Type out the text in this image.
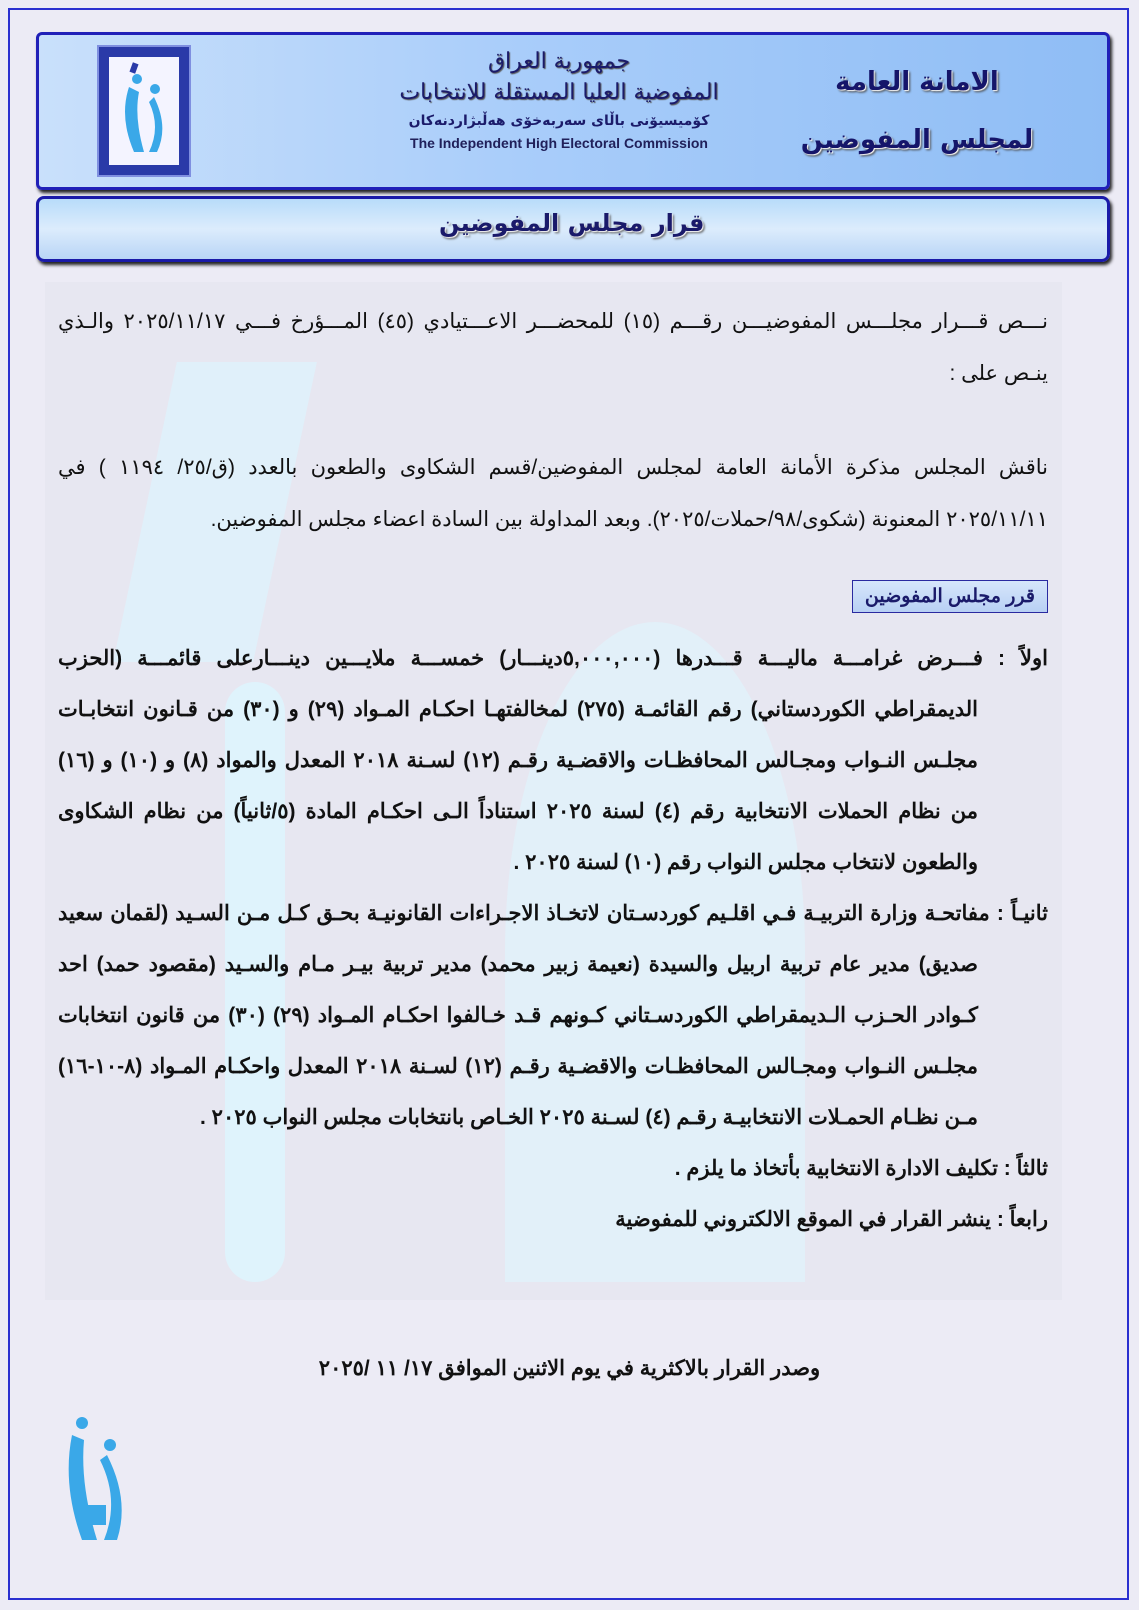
جمهورية العراق
المفوضية العليا المستقلة للانتخابات
كۆمیسیۆنی باڵای سەربەخۆی هەڵبژاردنەكان
The Independent High Electoral Commission
الامانة العامة
لمجلس المفوضين
قرار مجلس المفوضين

نـــص قـــرار مجلـــس المفوضيـــن رقـــم (١٥) للمحضـــر الاعـــتيادي (٤٥) المـــؤرخ فـــي ٢٠٢٥/١١/١٧ والـذي ينـص على :

ناقش المجلس مذكرة الأمانة العامة لمجلس المفوضين/قسم الشكاوى والطعون بالعدد (ق/٢٥/ ١١٩٤ ) في ٢٠٢٥/١١/١١ المعنونة (شكوى/٩٨/حملات/٢٠٢٥). وبعد المداولة بين السادة اعضاء مجلس المفوضين.

قرر مجلس المفوضين

اولاً : فـــرض غرامـــة ماليـــة قـــدرها (٥,٠٠٠,٠٠٠دينـــار) خمســـة ملايـــين دينـــارعلى قائمـــة (الحزب الديمقراطي الكوردستاني) رقم القائمـة (٢٧٥) لمخالفتهـا احكـام المـواد (٢٩) و (٣٠) من قـانون انتخابـات مجلـس النـواب ومجـالس المحافظـات والاقضـية رقـم (١٢) لسـنة ٢٠١٨ المعدل والمواد (٨) و (١٠) و (١٦) من نظام الحملات الانتخابية رقم (٤) لسنة ٢٠٢٥ استناداً الـى احكـام المادة (٥/ثانياً) من نظام الشكاوى والطعون لانتخاب مجلس النواب رقم (١٠) لسنة ٢٠٢٥ .

ثانيـاً : مفاتحـة وزارة التربيـة فـي اقلـيم كوردسـتان لاتخـاذ الاجـراءات القانونيـة بحـق كـل مـن السـيد (لقمان سعيد صديق) مدير عام تربية اربيل والسيدة (نعيمة زبير محمد) مدير تربية بيـر مـام والسـيد (مقصود حمد) احد كـوادر الحـزب الـديمقراطي الكوردسـتاني كـونهم قـد خـالفوا احكـام المـواد (٢٩) (٣٠) من قانون انتخابات مجلـس النـواب ومجـالس المحافظـات والاقضـية رقـم (١٢) لسـنة ٢٠١٨ المعدل واحكـام المـواد (٨-١٠-١٦) مـن نظـام الحمـلات الانتخابيـة رقـم (٤) لسـنة ٢٠٢٥ الخـاص بانتخابات مجلس النواب ٢٠٢٥ .

ثالثاً : تكليف الادارة الانتخابية بأتخاذ ما يلزم .

رابعاً : ينشر القرار في الموقع الالكتروني للمفوضية

وصدر القرار بالاكثرية في يوم الاثنين الموافق ١٧/ ١١ /٢٠٢٥
